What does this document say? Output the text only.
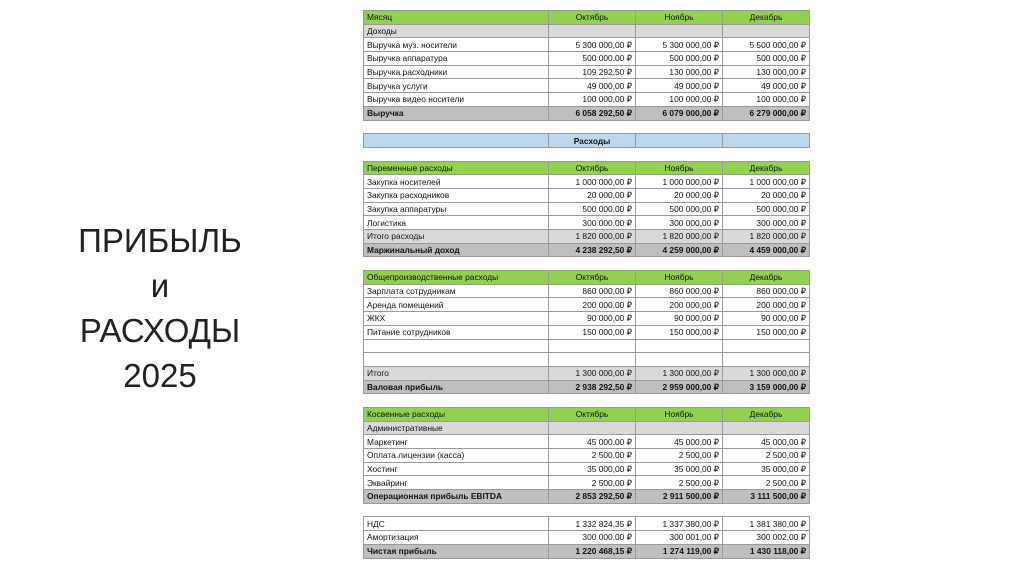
ПРИБЫЛЬ
и
РАСХОДЫ
2025
Мясяц	Октябрь	Ноябрь	Декабрь
Доходы			
Выручка муз. носители	5 300 000,00 ₽	5 300 000,00 ₽	5 500 000,00 ₽
Выручка аппаратура	500 000,00 ₽	500 000,00 ₽	500 000,00 ₽
Выручка расходники	109 292,50 ₽	130 000,00 ₽	130 000,00 ₽
Выручка услуги	49 000,00 ₽	49 000,00 ₽	49 000,00 ₽
Выручка видео носители	100 000,00 ₽	100 000,00 ₽	100 000,00 ₽
Выручка	6 058 292,50 ₽	6 079 000,00 ₽	6 279 000,00 ₽

	Расходы		

Переменные расходы	Октябрь	Ноябрь	Декабрь
Закупка носителей	1 000 000,00 ₽	1 000 000,00 ₽	1 000 000,00 ₽
Закупка расходников	20 000,00 ₽	20 000,00 ₽	20 000,00 ₽
Закупка аппаратуры	500 000,00 ₽	500 000,00 ₽	500 000,00 ₽
Логистика	300 000,00 ₽	300 000,00 ₽	300 000,00 ₽
Итого расходы	1 820 000,00 ₽	1 820 000,00 ₽	1 820 000,00 ₽
Маржинальный доход	4 238 292,50 ₽	4 259 000,00 ₽	4 459 000,00 ₽

Общепроизводственные расходы	Октябрь	Ноябрь	Декабрь
Зарплата сотрудникам	860 000,00 ₽	860 000,00 ₽	860 000,00 ₽
Аренда помещений	200 000,00 ₽	200 000,00 ₽	200 000,00 ₽
ЖКХ	90 000,00 ₽	90 000,00 ₽	90 000,00 ₽
Питание сотрудников	150 000,00 ₽	150 000,00 ₽	150 000,00 ₽

Итого	1 300 000,00 ₽	1 300 000,00 ₽	1 300 000,00 ₽
Валовая прибыль	2 938 292,50 ₽	2 959 000,00 ₽	3 159 000,00 ₽

Косвенные расходы	Октябрь	Ноябрь	Декабрь
Административные			
Маркетинг	45 000,00 ₽	45 000,00 ₽	45 000,00 ₽
Оплата лицензии (касса)	2 500,00 ₽	2 500,00 ₽	2 500,00 ₽
Хостинг	35 000,00 ₽	35 000,00 ₽	35 000,00 ₽
Эквайринг	2 500,00 ₽	2 500,00 ₽	2 500,00 ₽
Операционная прибыль EBITDA	2 853 292,50 ₽	2 911 500,00 ₽	3 111 500,00 ₽

НДС	1 332 824,35 ₽	1 337 380,00 ₽	1 381 380,00 ₽
Амортизация	300 000,00 ₽	300 001,00 ₽	300 002,00 ₽
Чистая прибыль	1 220 468,15 ₽	1 274 119,00 ₽	1 430 118,00 ₽
